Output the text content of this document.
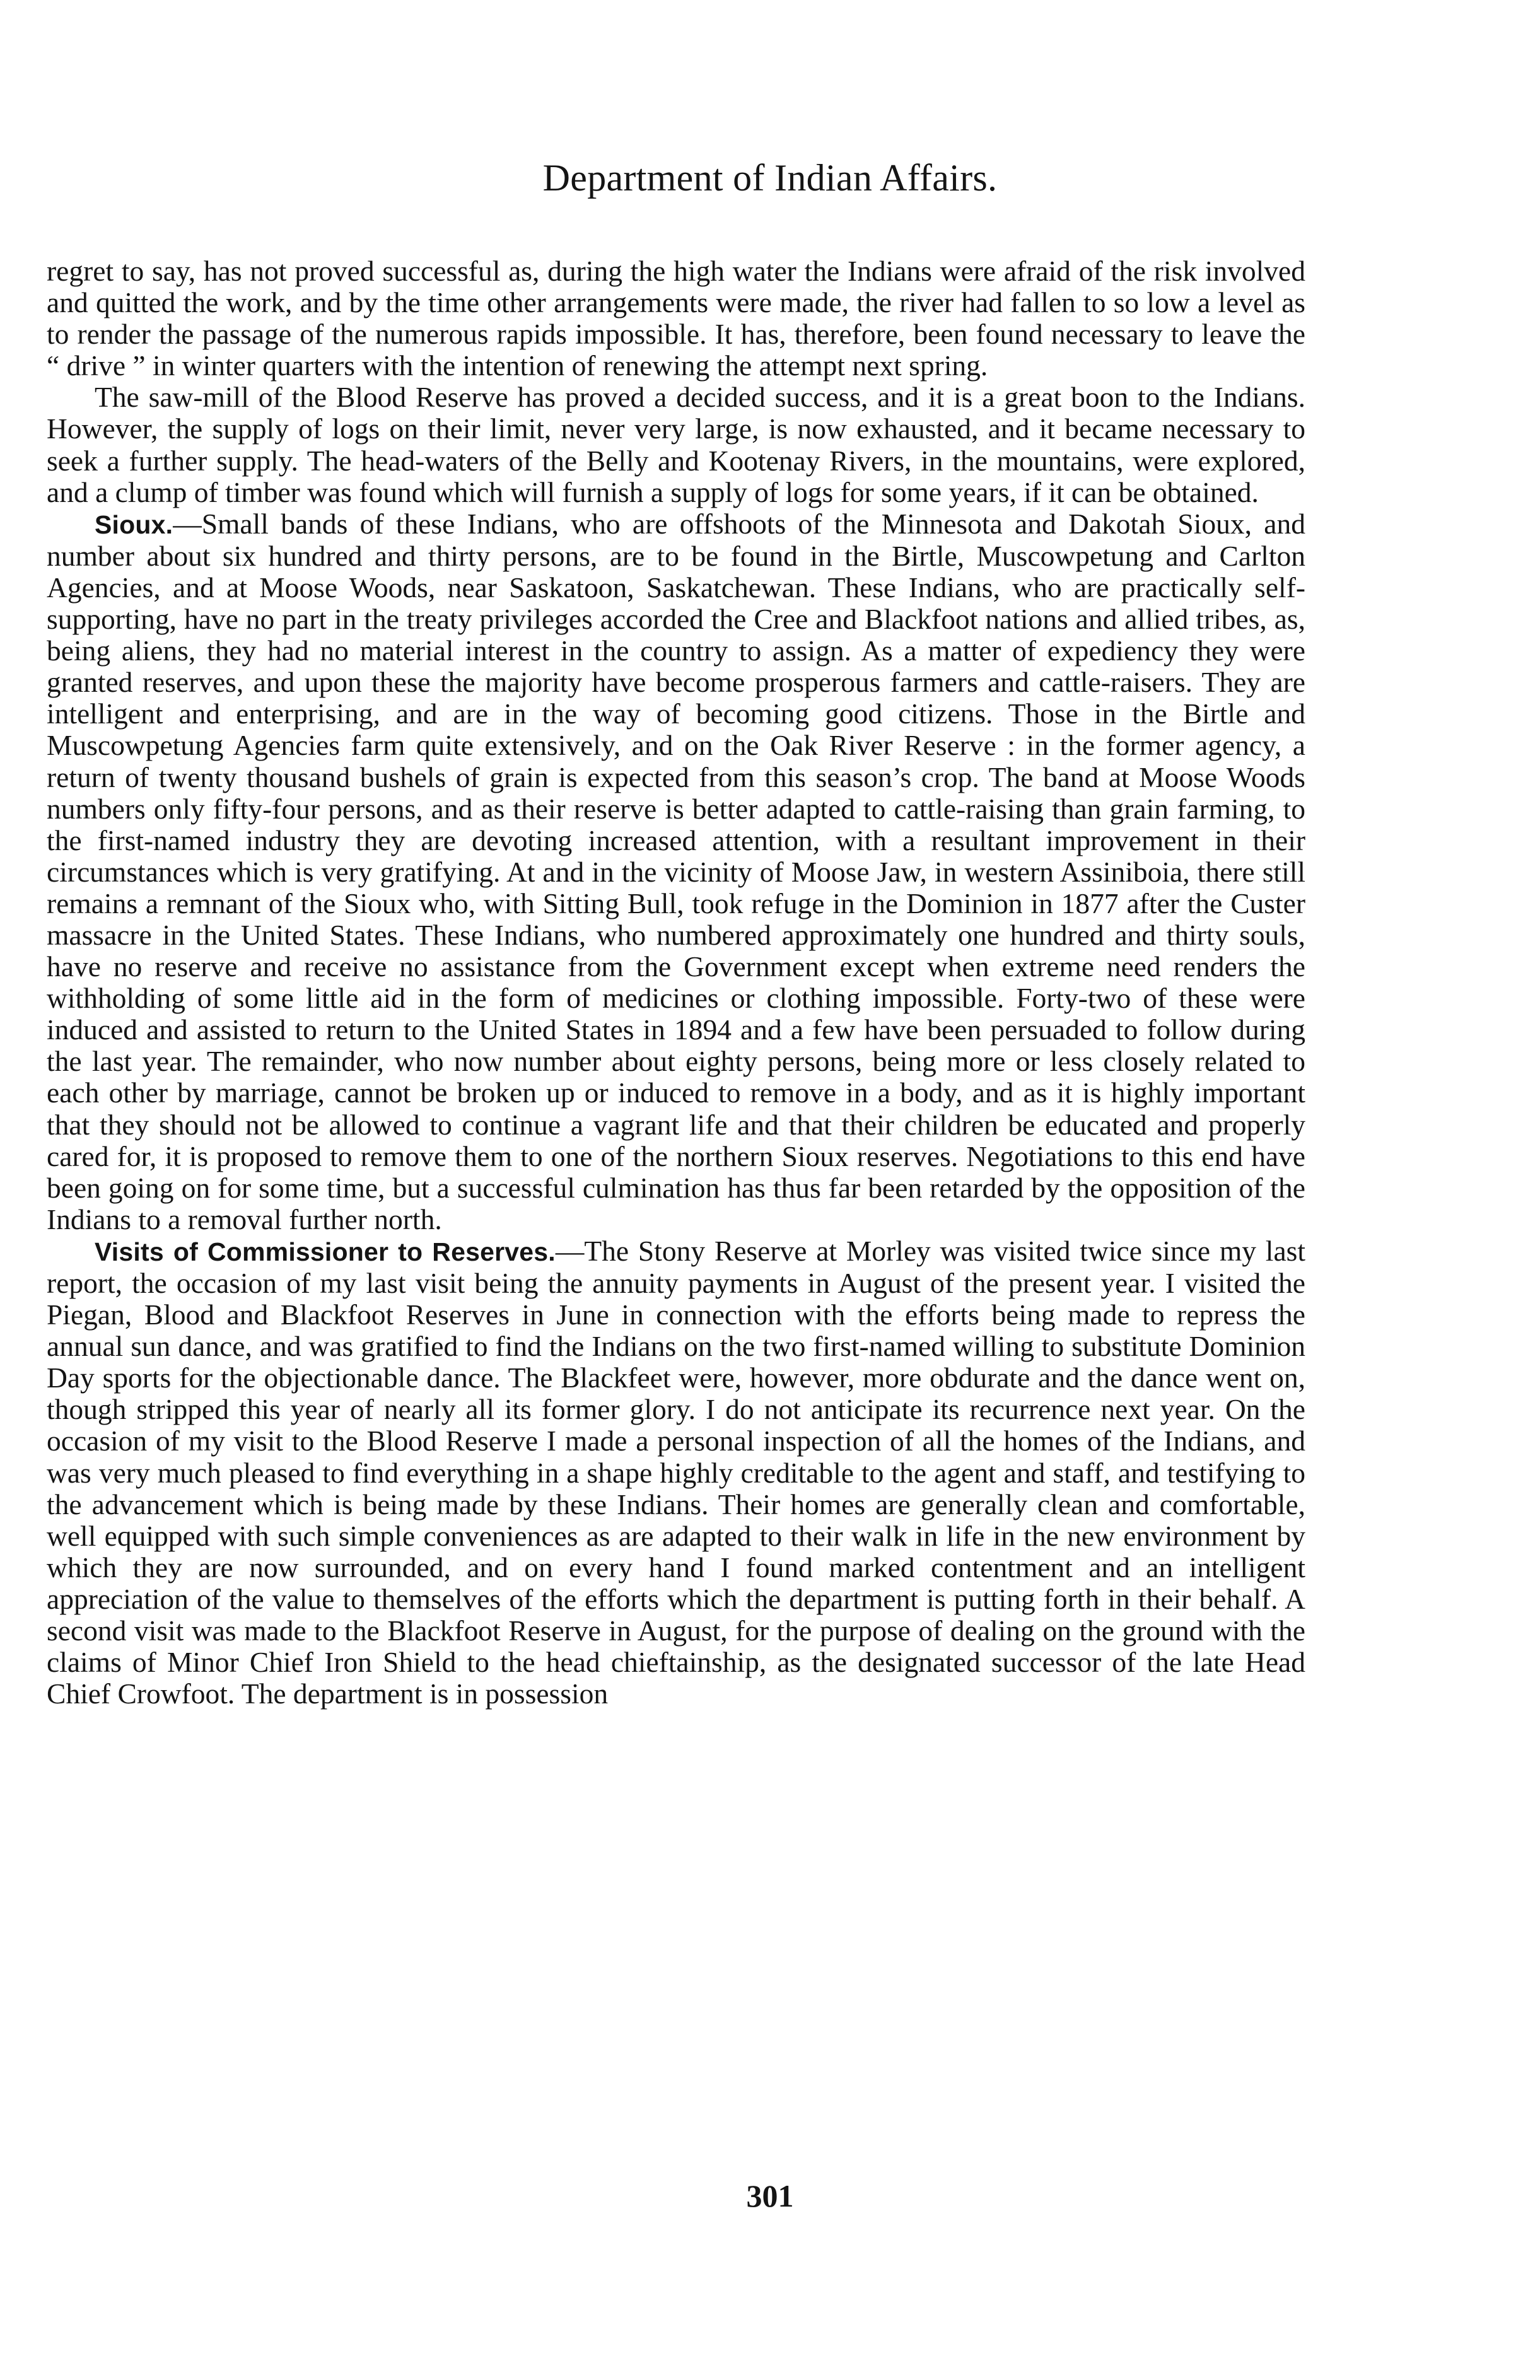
Department of Indian Affairs.

regret to say, has not proved successful as, during the high water the Indians were afraid of the risk involved and quitted the work, and by the time other arrangements were made, the river had fallen to so low a level as to render the passage of the numerous rapids impossible. It has, therefore, been found necessary to leave the “ drive ” in winter quarters with the intention of renewing the attempt next spring.

The saw-mill of the Blood Reserve has proved a decided success, and it is a great boon to the Indians. However, the supply of logs on their limit, never very large, is now exhausted, and it became necessary to seek a further supply. The head-waters of the Belly and Kootenay Rivers, in the mountains, were explored, and a clump of timber was found which will furnish a supply of logs for some years, if it can be obtained.

Sioux.—Small bands of these Indians, who are offshoots of the Minnesota and Dakotah Sioux, and number about six hundred and thirty persons, are to be found in the Birtle, Muscowpetung and Carlton Agencies, and at Moose Woods, near Saskatoon, Saskatchewan. These Indians, who are practically self-supporting, have no part in the treaty privileges accorded the Cree and Blackfoot nations and allied tribes, as, being aliens, they had no material interest in the country to assign. As a matter of expediency they were granted reserves, and upon these the majority have become prosperous farmers and cattle-raisers. They are intelligent and enterprising, and are in the way of becoming good citizens. Those in the Birtle and Muscowpetung Agencies farm quite extensively, and on the Oak River Reserve : in the former agency, a return of twenty thousand bushels of grain is expected from this season’s crop. The band at Moose Woods numbers only fifty-four persons, and as their reserve is better adapted to cattle-raising than grain farming, to the first-named industry they are devoting increased attention, with a resultant improvement in their circumstances which is very gratifying. At and in the vicinity of Moose Jaw, in western Assiniboia, there still remains a remnant of the Sioux who, with Sitting Bull, took refuge in the Dominion in 1877 after the Custer massacre in the United States. These Indians, who numbered approximately one hundred and thirty souls, have no reserve and receive no assistance from the Government except when extreme need renders the withholding of some little aid in the form of medicines or clothing impossible. Forty-two of these were induced and assisted to return to the United States in 1894 and a few have been persuaded to follow during the last year. The remainder, who now number about eighty persons, being more or less closely related to each other by marriage, cannot be broken up or induced to remove in a body, and as it is highly important that they should not be allowed to continue a vagrant life and that their children be educated and properly cared for, it is proposed to remove them to one of the northern Sioux reserves. Negotiations to this end have been going on for some time, but a successful culmination has thus far been retarded by the opposition of the Indians to a removal further north.

Visits of Commissioner to Reserves.—The Stony Reserve at Morley was visited twice since my last report, the occasion of my last visit being the annuity payments in August of the present year. I visited the Piegan, Blood and Blackfoot Reserves in June in connection with the efforts being made to repress the annual sun dance, and was gratified to find the Indians on the two first-named willing to substitute Dominion Day sports for the objectionable dance. The Blackfeet were, however, more obdurate and the dance went on, though stripped this year of nearly all its former glory. I do not anticipate its recurrence next year. On the occasion of my visit to the Blood Reserve I made a personal inspection of all the homes of the Indians, and was very much pleased to find everything in a shape highly creditable to the agent and staff, and testifying to the advancement which is being made by these Indians. Their homes are generally clean and comfortable, well equipped with such simple conveniences as are adapted to their walk in life in the new environment by which they are now surrounded, and on every hand I found marked contentment and an intelligent appreciation of the value to themselves of the efforts which the department is putting forth in their behalf. A second visit was made to the Blackfoot Reserve in August, for the purpose of dealing on the ground with the claims of Minor Chief Iron Shield to the head chieftainship, as the designated successor of the late Head Chief Crowfoot. The department is in possession

301
